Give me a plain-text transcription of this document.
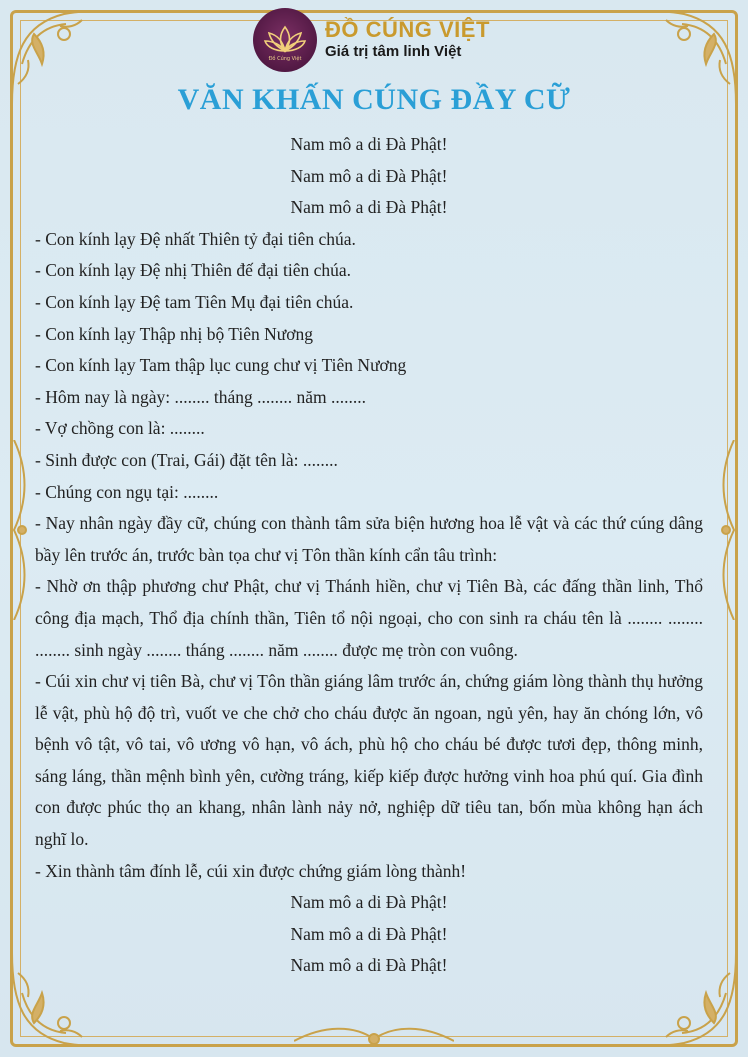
Đồ Cúng Việt
ĐỒ CÚNG VIỆT
Giá trị tâm linh Việt
VĂN KHẤN CÚNG ĐẦY CỮ
Nam mô a di Đà Phật!
Nam mô a di Đà Phật!
Nam mô a di Đà Phật!
- Con kính lạy Đệ nhất Thiên tỷ đại tiên chúa.
- Con kính lạy Đệ nhị Thiên đế đại tiên chúa.
- Con kính lạy Đệ tam Tiên Mụ đại tiên chúa.
- Con kính lạy Thập nhị bộ Tiên Nương
- Con kính lạy Tam thập lục cung chư vị Tiên Nương
- Hôm nay là ngày: ........ tháng ........ năm ........
- Vợ chồng con là: ........
- Sinh được con (Trai, Gái) đặt tên là: ........
- Chúng con ngụ tại: ........
- Nay nhân ngày đầy cữ, chúng con thành tâm sửa biện hương hoa lễ vật và các thứ cúng dâng bầy lên trước án, trước bàn tọa chư vị Tôn thần kính cẩn tâu trình:
- Nhờ ơn thập phương chư Phật, chư vị Thánh hiền, chư vị Tiên Bà, các đấng thần linh, Thổ công địa mạch, Thổ địa chính thần, Tiên tổ nội ngoại, cho con sinh ra cháu tên là ........ ........ ........ sinh ngày ........ tháng ........ năm ........ được mẹ tròn con vuông.
- Cúi xin chư vị tiên Bà, chư vị Tôn thần giáng lâm trước án, chứng giám lòng thành thụ hưởng lễ vật, phù hộ độ trì, vuốt ve che chở cho cháu được ăn ngoan, ngủ yên, hay ăn chóng lớn, vô bệnh vô tật, vô tai, vô ương vô hạn, vô ách, phù hộ cho cháu bé được tươi đẹp, thông minh, sáng láng, thần mệnh bình yên, cường tráng, kiếp kiếp được hưởng vinh hoa phú quí. Gia đình con được phúc thọ an khang, nhân lành nảy nở, nghiệp dữ tiêu tan, bốn mùa không hạn ách nghĩ lo.
- Xin thành tâm đính lễ, cúi xin được chứng giám lòng thành!
Nam mô a di Đà Phật!
Nam mô a di Đà Phật!
Nam mô a di Đà Phật!
